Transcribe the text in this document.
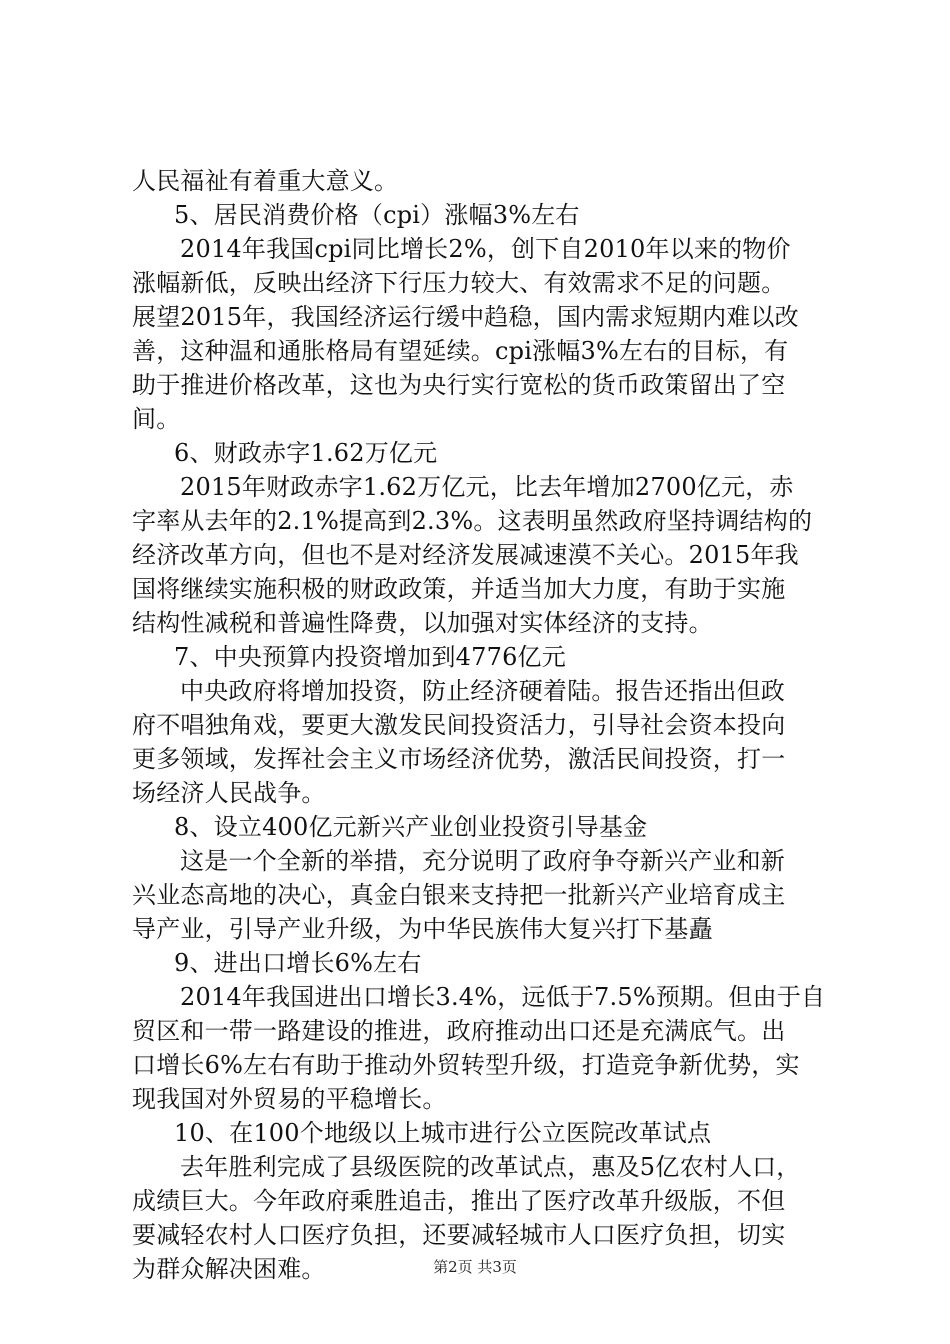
人民福祉有着重大意义。
5、居民消费价格（cpi）涨幅3%左右
2014年我国cpi同比增长2%，创下自2010年以来的物价
涨幅新低，反映出经济下行压力较大、有效需求不足的问题。
展望2015年，我国经济运行缓中趋稳，国内需求短期内难以改
善，这种温和通胀格局有望延续。cpi涨幅3%左右的目标，有
助于推进价格改革，这也为央行实行宽松的货币政策留出了空
间。
6、财政赤字1.62万亿元
2015年财政赤字1.62万亿元，比去年增加2700亿元，赤
字率从去年的2.1%提高到2.3%。这表明虽然政府坚持调结构的
经济改革方向，但也不是对经济发展减速漠不关心。2015年我
国将继续实施积极的财政政策，并适当加大力度，有助于实施
结构性减税和普遍性降费，以加强对实体经济的支持。
7、中央预算内投资增加到4776亿元
中央政府将增加投资，防止经济硬着陆。报告还指出但政
府不唱独角戏，要更大激发民间投资活力，引导社会资本投向
更多领域，发挥社会主义市场经济优势，激活民间投资，打一
场经济人民战争。
8、设立400亿元新兴产业创业投资引导基金
这是一个全新的举措，充分说明了政府争夺新兴产业和新
兴业态高地的决心，真金白银来支持把一批新兴产业培育成主
导产业，引导产业升级，为中华民族伟大复兴打下基矗
9、进出口增长6%左右
2014年我国进出口增长3.4%，远低于7.5%预期。但由于自
贸区和一带一路建设的推进，政府推动出口还是充满底气。出
口增长6%左右有助于推动外贸转型升级，打造竞争新优势，实
现我国对外贸易的平稳增长。
10、在100个地级以上城市进行公立医院改革试点
去年胜利完成了县级医院的改革试点，惠及5亿农村人口，
成绩巨大。今年政府乘胜追击，推出了医疗改革升级版，不但
要减轻农村人口医疗负担，还要减轻城市人口医疗负担，切实
为群众解决困难。	第2页 共3页
